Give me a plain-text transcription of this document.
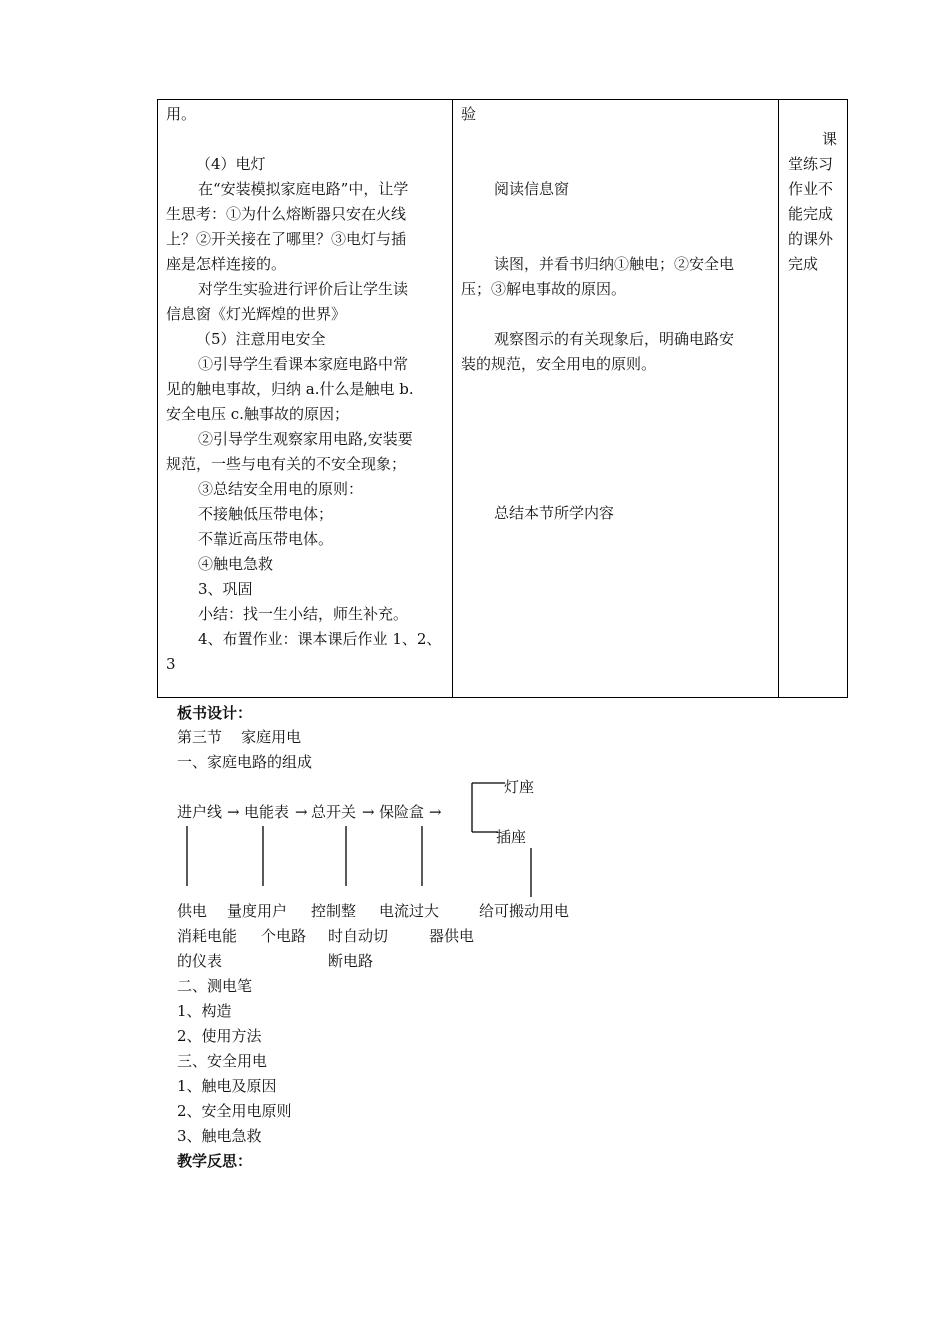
用。
（4）电灯
在“安装模拟家庭电路”中，让学
生思考：①为什么熔断器只安在火线
上？②开关接在了哪里？③电灯与插
座是怎样连接的。
对学生实验进行评价后让学生读
信息窗《灯光辉煌的世界》
（5）注意用电安全
①引导学生看课本家庭电路中常
见的触电事故，归纳 a.什么是触电 b.
安全电压 c.触事故的原因；
②引导学生观察家用电路,安装要
规范，一些与电有关的不安全现象；
③总结安全用电的原则：
不接触低压带电体；
不靠近高压带电体。
④触电急救
3、巩固
小结：找一生小结，师生补充。
4、布置作业：课本课后作业 1、2、
3
验
阅读信息窗
读图，并看书归纳①触电；②安全电
压；③解电事故的原因。
观察图示的有关现象后，明确电路安
装的规范，安全用电的原则。
总结本节所学内容
课
堂练习
作业不
能完成
的课外
完成
板书设计：
第三节    家庭用电
一、家庭电路的组成
进户线 → 电能表 → 总开关 → 保险盒 →
灯座
插座
供电 量度用户
消耗电能
的仪表
控制整
个电路
电流过大
时自动切
断电路
给可搬动用电
器供电
二、测电笔
1、构造
2、使用方法
三、安全用电
1、触电及原因
2、安全用电原则
3、触电急救
教学反思：
